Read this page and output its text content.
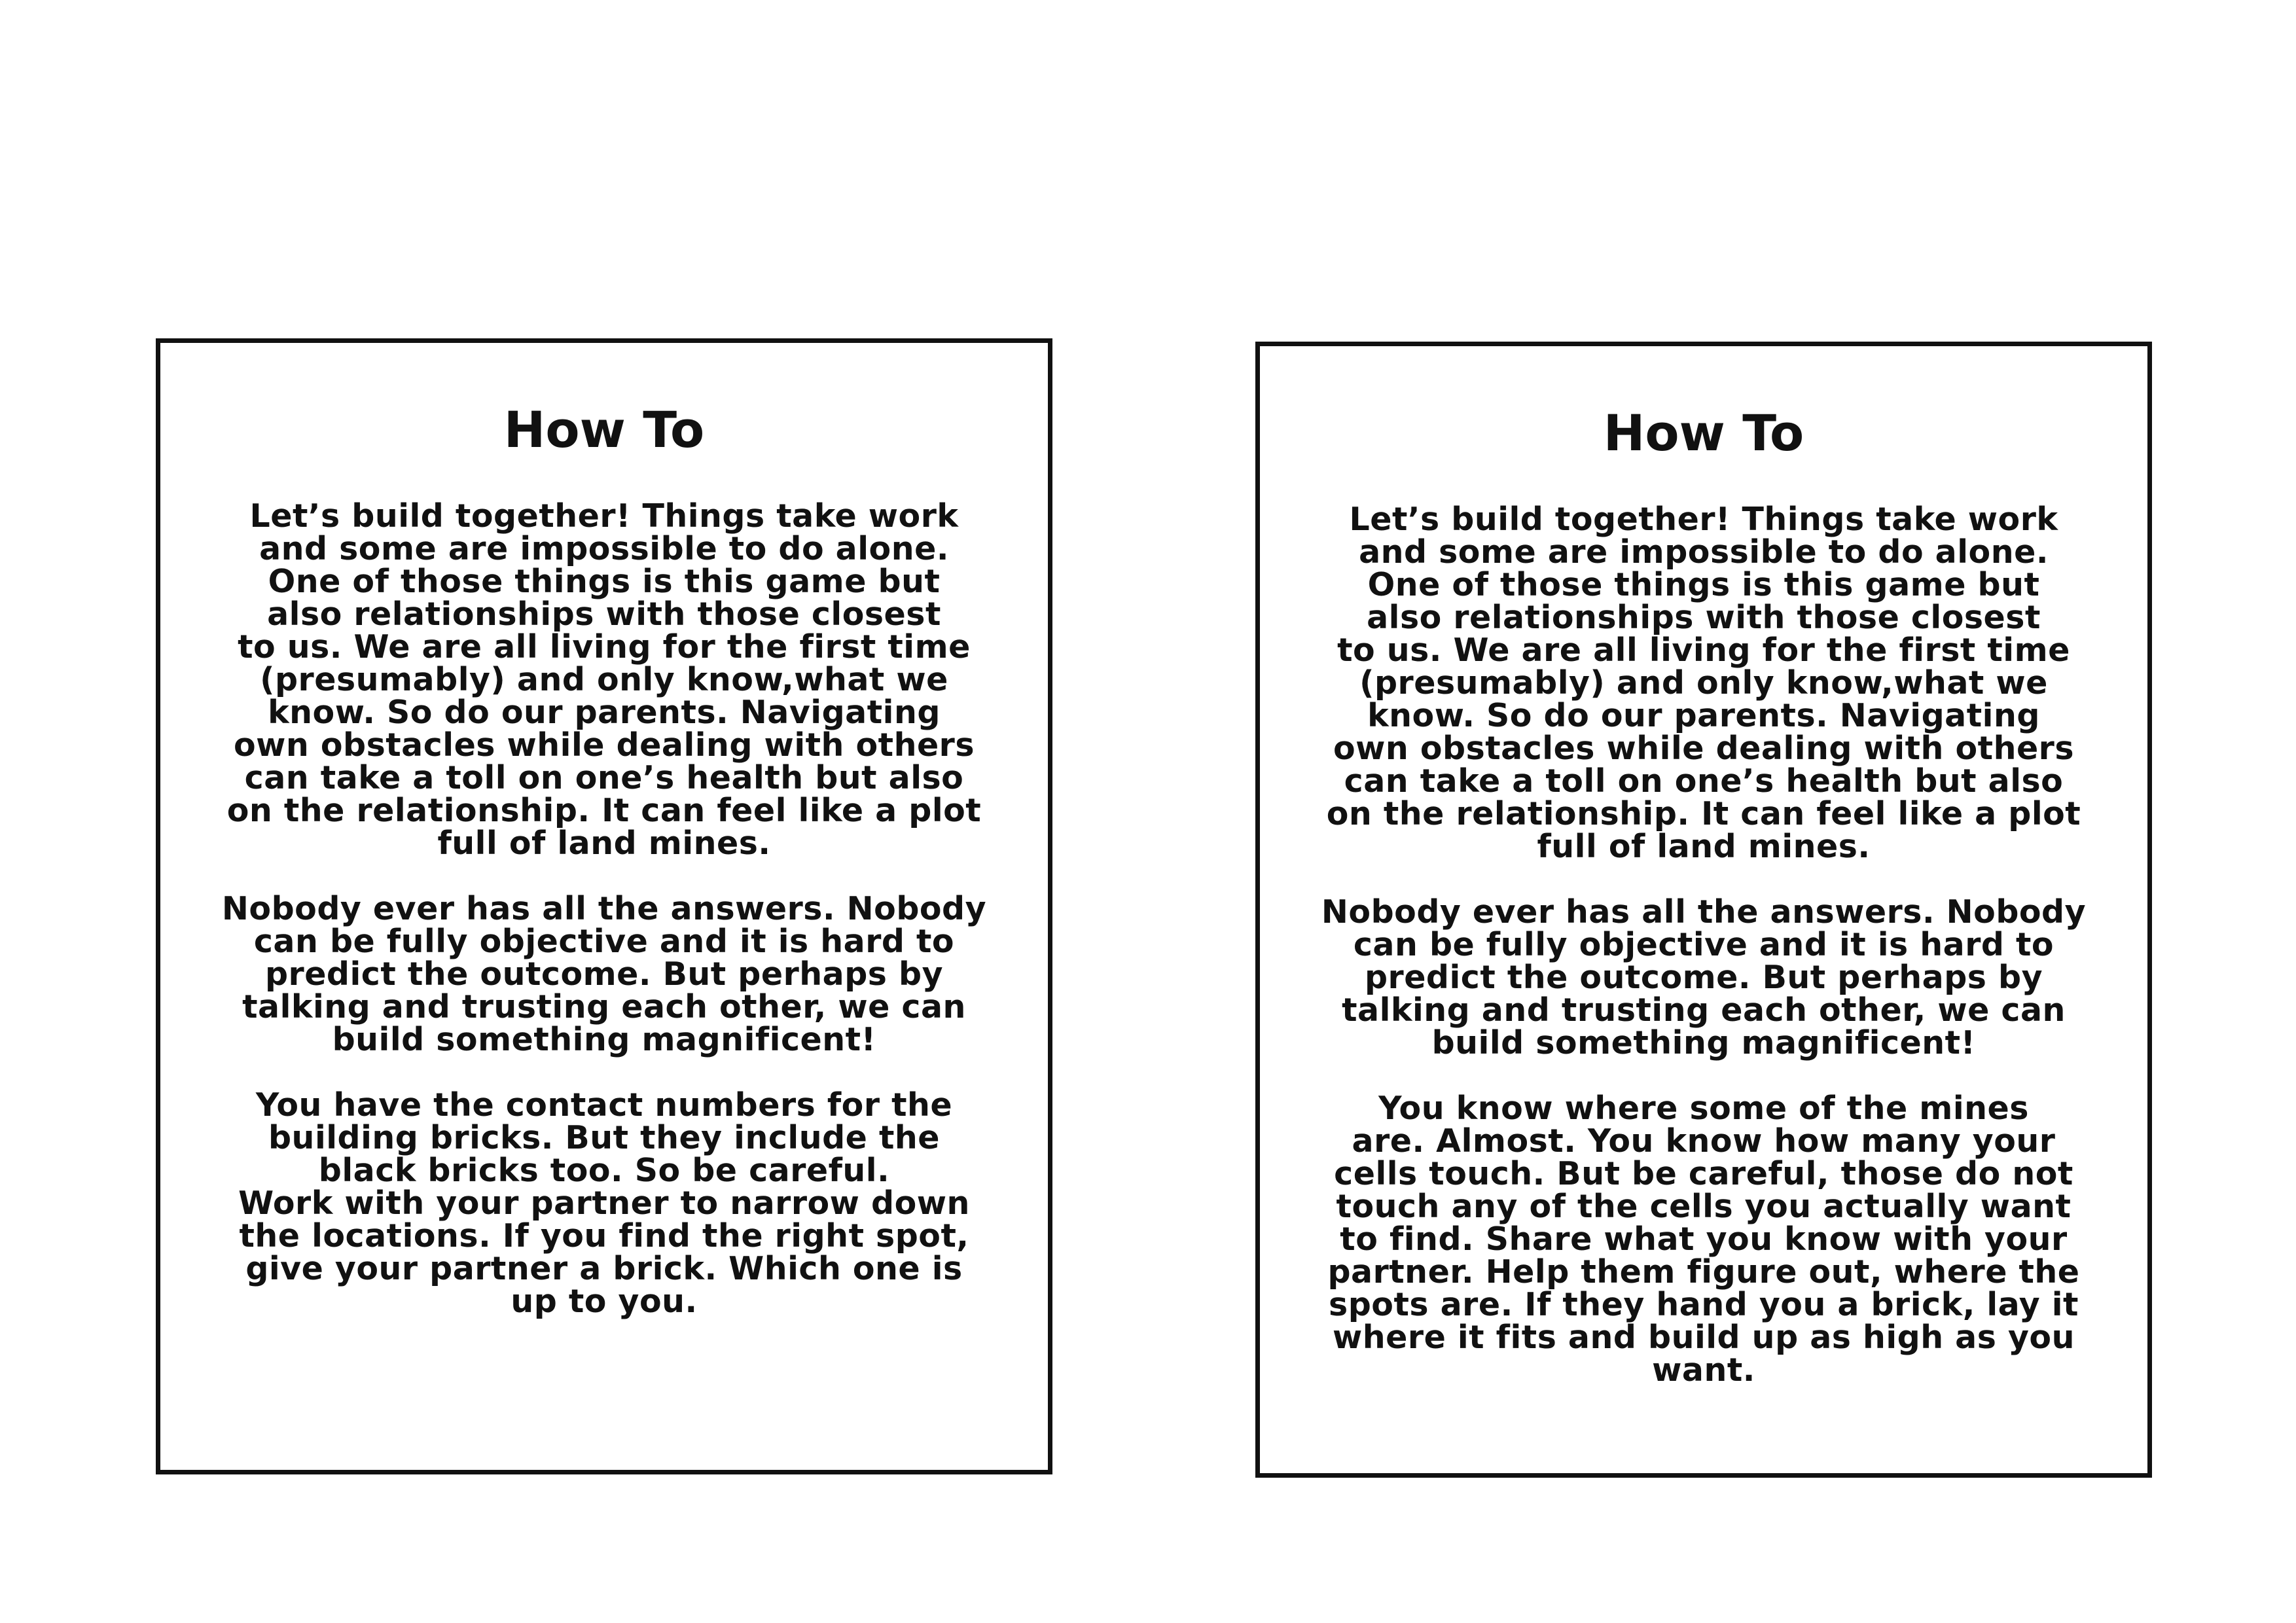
How To

Let’s build together! Things take work
and some are impossible to do alone.
One of those things is this game but
also relationships with those closest
to us. We are all living for the first time
(presumably) and only know,what we
know. So do our parents. Navigating
own obstacles while dealing with others
can take a toll on one’s health but also
on the relationship. It can feel like a plot
full of land mines.

Nobody ever has all the answers. Nobody
can be fully objective and it is hard to
predict the outcome. But perhaps by
talking and trusting each other, we can
build something magnificent!

You have the contact numbers for the
building bricks. But they include the
black bricks too. So be careful.
Work with your partner to narrow down
the locations. If you find the right spot,
give your partner a brick. Which one is
up to you.

How To

Let’s build together! Things take work
and some are impossible to do alone.
One of those things is this game but
also relationships with those closest
to us. We are all living for the first time
(presumably) and only know,what we
know. So do our parents. Navigating
own obstacles while dealing with others
can take a toll on one’s health but also
on the relationship. It can feel like a plot
full of land mines.

Nobody ever has all the answers. Nobody
can be fully objective and it is hard to
predict the outcome. But perhaps by
talking and trusting each other, we can
build something magnificent!

You know where some of the mines
are. Almost. You know how many your
cells touch. But be careful, those do not
touch any of the cells you actually want
to find. Share what you know with your
partner. Help them figure out, where the
spots are. If they hand you a brick, lay it
where it fits and build up as high as you
want.
